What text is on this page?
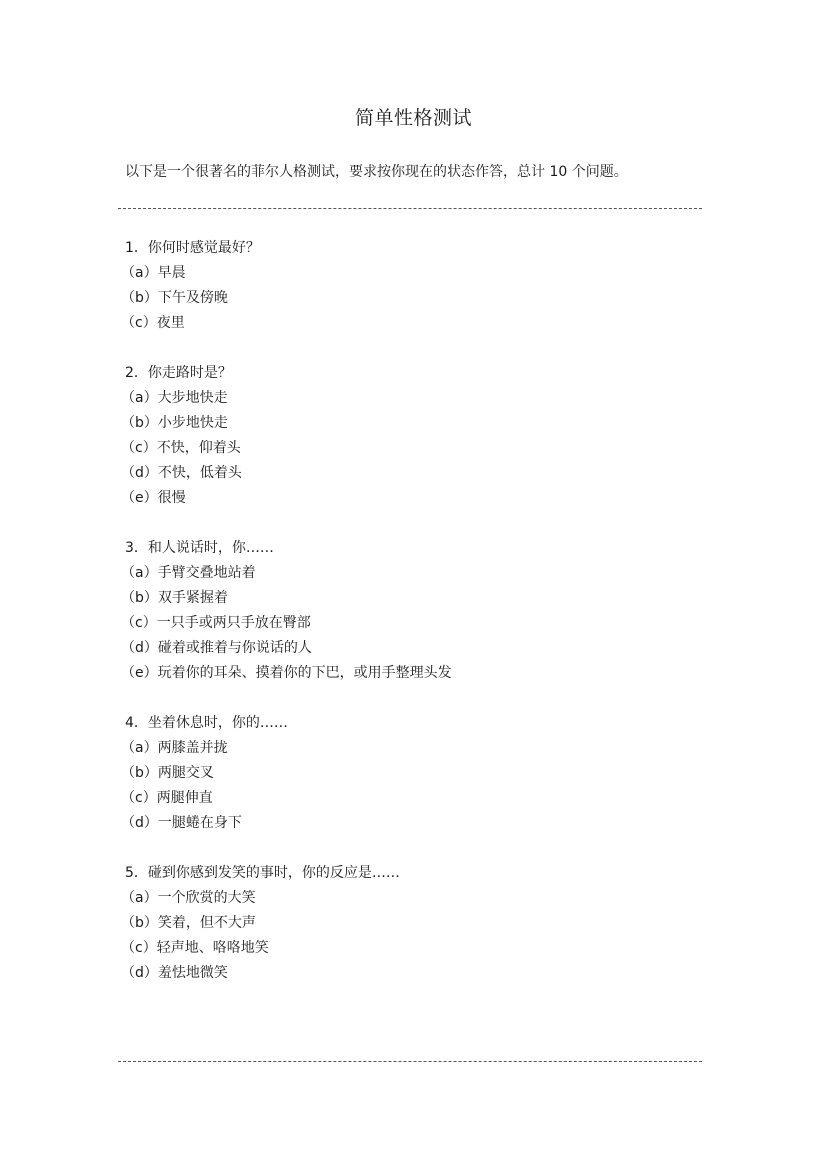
简单性格测试
以下是一个很著名的菲尔人格测试，要求按你现在的状态作答，总计 10 个问题。
1．你何时感觉最好？
（a）早晨
（b）下午及傍晚
（c）夜里
2．你走路时是？
（a）大步地快走
（b）小步地快走
（c）不快，仰着头
（d）不快，低着头
（e）很慢
3．和人说话时，你……
（a）手臂交叠地站着
（b）双手紧握着
（c）一只手或两只手放在臀部
（d）碰着或推着与你说话的人
（e）玩着你的耳朵、摸着你的下巴，或用手整理头发
4．坐着休息时，你的……
（a）两膝盖并拢
（b）两腿交叉
（c）两腿伸直
（d）一腿蜷在身下
5．碰到你感到发笑的事时，你的反应是……
（a）一个欣赏的大笑
（b）笑着，但不大声
（c）轻声地、咯咯地笑
（d）羞怯地微笑
